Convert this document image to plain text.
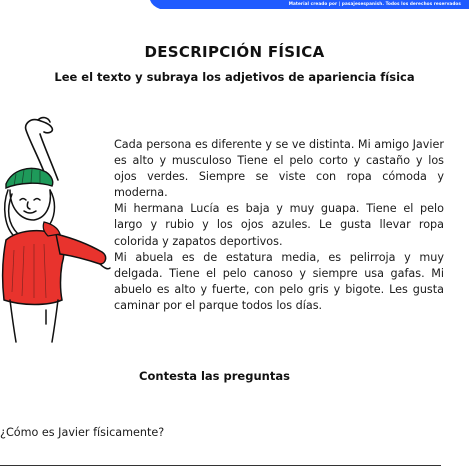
Material creado por | pasajesespanish. Todos los derechos reservados
DESCRIPCIÓN FÍSICA
Lee el texto y subraya los adjetivos de apariencia física

Cada persona es diferente y se ve distinta. Mi amigo Javier es alto y musculoso Tiene el pelo corto y castaño y los ojos verdes. Siempre se viste con ropa cómoda y moderna.

Mi hermana Lucía es baja y muy guapa. Tiene el pelo largo y rubio y los ojos azules. Le gusta llevar ropa colorida y zapatos deportivos.

Mi abuela es de estatura media, es pelirroja y muy delgada. Tiene el pelo canoso y siempre usa gafas. Mi abuelo es alto y fuerte, con pelo gris y bigote. Les gusta caminar por el parque todos los días.

Contesta las preguntas
¿Cómo es Javier físicamente?
